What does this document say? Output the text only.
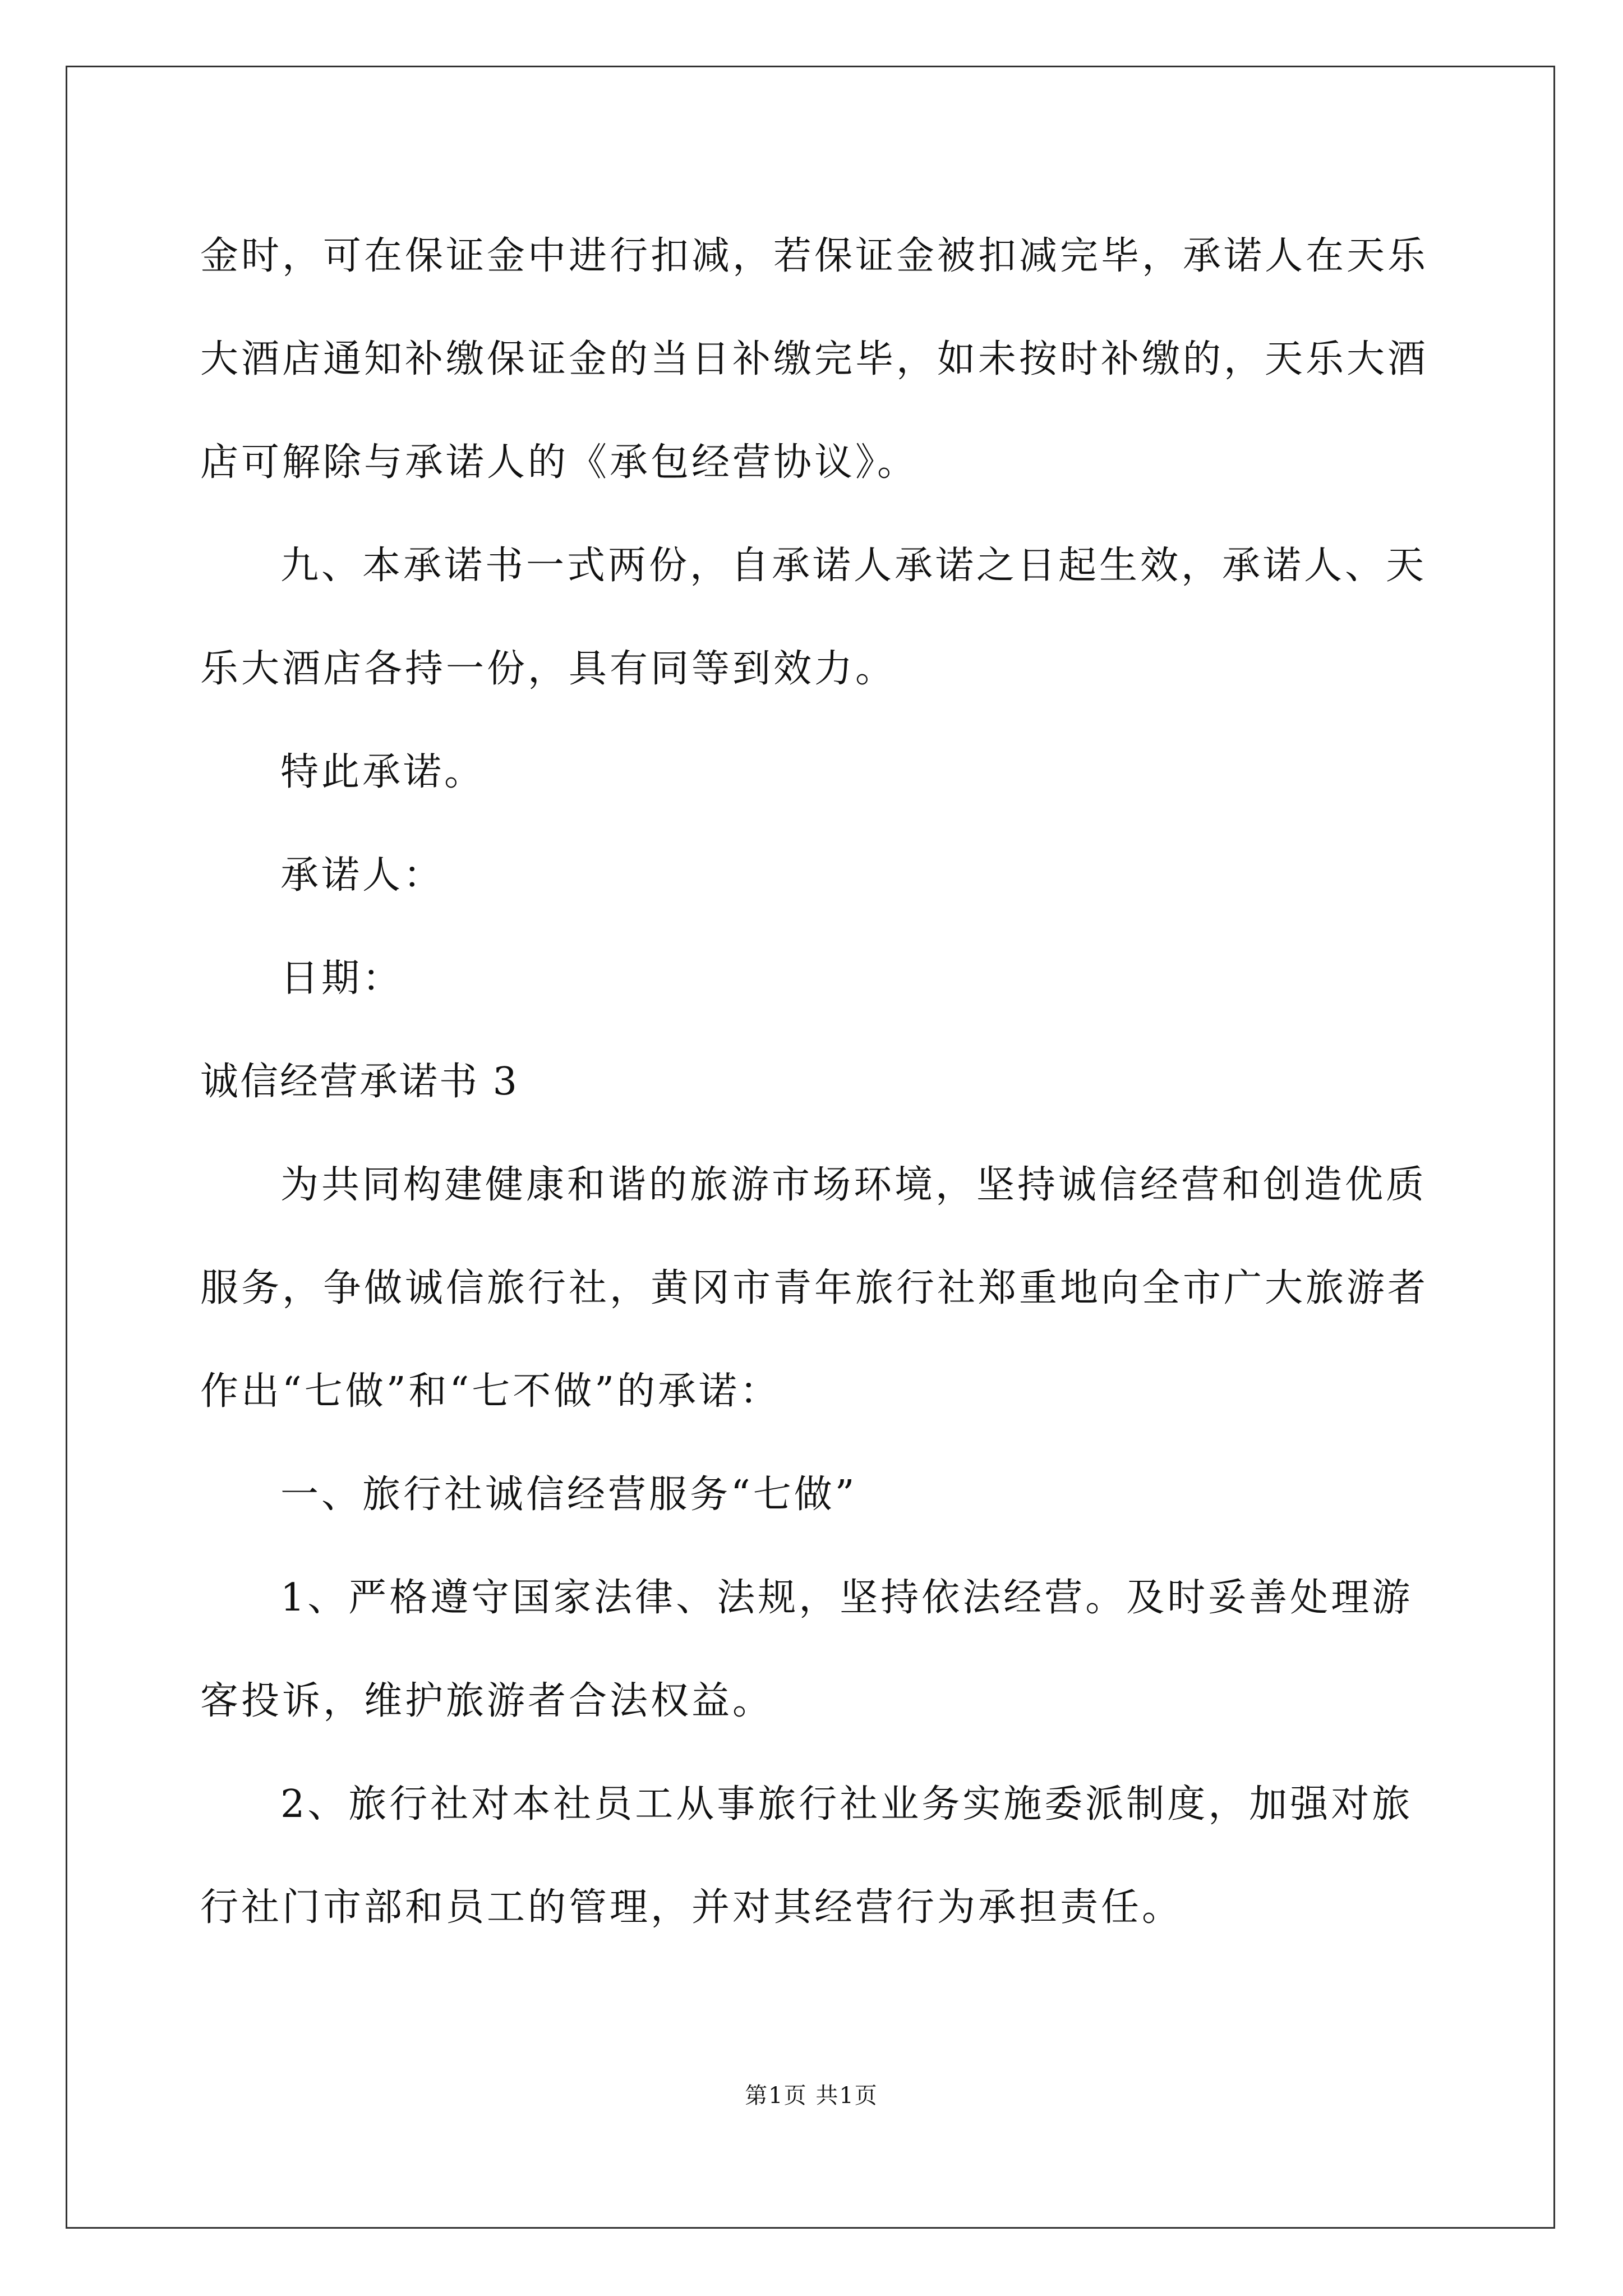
金时，可在保证金中进行扣减，若保证金被扣减完毕，承诺人在天乐大酒店通知补缴保证金的当日补缴完毕，如未按时补缴的，天乐大酒店可解除与承诺人的《承包经营协议》。

九、本承诺书一式两份，自承诺人承诺之日起生效，承诺人、天乐大酒店各持一份，具有同等到效力。

特此承诺。

承诺人：

日期：

诚信经营承诺书 3

为共同构建健康和谐的旅游市场环境，坚持诚信经营和创造优质服务，争做诚信旅行社，黄冈市青年旅行社郑重地向全市广大旅游者作出“七做”和“七不做”的承诺：

一、旅行社诚信经营服务“七做”

1、严格遵守国家法律、法规，坚持依法经营。及时妥善处理游客投诉，维护旅游者合法权益。

2、旅行社对本社员工从事旅行社业务实施委派制度，加强对旅行社门市部和员工的管理，并对其经营行为承担责任。

第1页 共1页
